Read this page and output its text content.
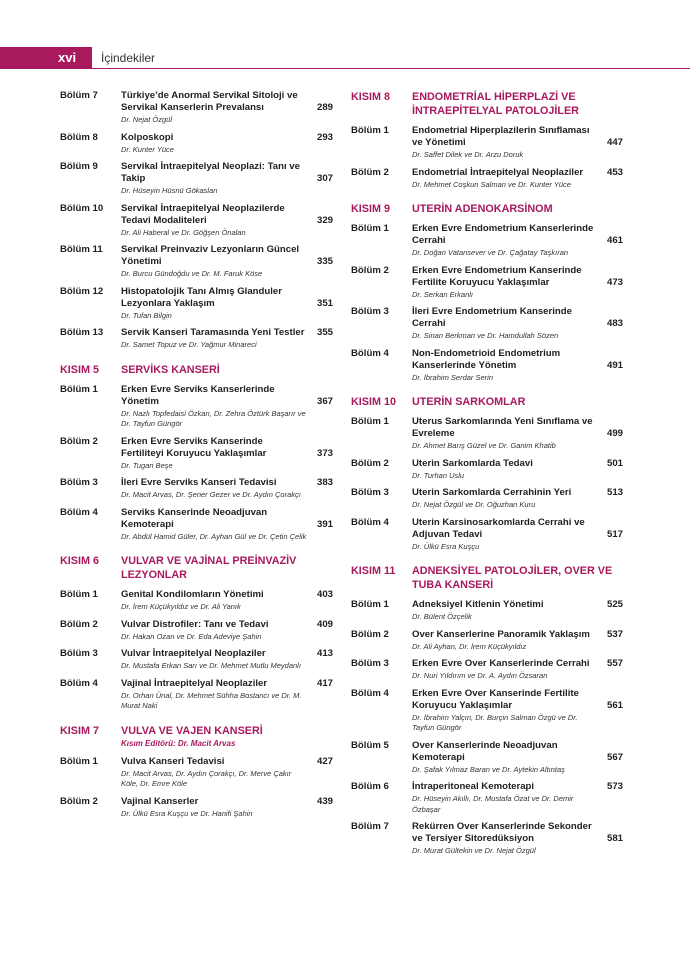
xvi	İçindekiler
Bölüm 7 Türkiye’de Anormal Servikal Sitoloji ve Servikal Kanserlerin Prevalansı
Dr. Nejat Özgül
289
Bölüm 8 Kolposkopi
Dr. Kunter Yüce
293
Bölüm 9 Servikal İntraepitelyal Neoplazi: Tanı ve Takip
Dr. Hüseyin Hüsnü Gökaslan
307
Bölüm 10 Servikal İntraepitelyal Neoplazilerde Tedavi Modaliteleri
Dr. Ali Haberal ve Dr. Göğşen Önalan
329
Bölüm 11 Servikal Preinvaziv Lezyonların Güncel Yönetimi
Dr. Burcu Gündoğdu ve Dr. M. Faruk Köse
335
Bölüm 12 Histopatolojik Tanı Almış Glanduler Lezyonlara Yaklaşım
Dr. Tufan Bilgin
351
Bölüm 13 Servik Kanseri Taramasında Yeni Testler
Dr. Samet Topuz ve Dr. Yağmur Minareci
355
KISIM 5 SERVİKS KANSERİ
Bölüm 1 Erken Evre Serviks Kanserlerinde Yönetim
Dr. Nazlı Topfedaisi Özkan, Dr. Zehra Öztürk Başarır ve Dr. Tayfun Güngör
367
Bölüm 2 Erken Evre Serviks Kanserinde Fertiliteyi Koruyucu Yaklaşımlar
Dr. Tugan Beşe
373
Bölüm 3 İleri Evre Serviks Kanseri Tedavisi
Dr. Macit Arvas, Dr. Şener Gezer ve Dr. Aydın Çorakçı
383
Bölüm 4 Serviks Kanserinde Neoadjuvan Kemoterapi
Dr. Abdül Hamid Güler, Dr. Ayhan Gül ve Dr. Çetin Çelik
391
KISIM 6 VULVAR VE VAJİNAL PREİNVAZİV LEZYONLAR
Bölüm 1 Genital Kondilomların Yönetimi
Dr. İrem Küçükyıldız ve Dr. Ali Yanık
403
Bölüm 2 Vulvar Distrofiler: Tanı ve Tedavi
Dr. Hakan Ozan ve Dr. Eda Adeviye Şahin
409
Bölüm 3 Vulvar İntraepitelyal Neoplaziler
Dr. Mustafa Erkan Sarı ve Dr. Mehmet Mutlu Meydanlı
413
Bölüm 4 Vajinal İntraepitelyal Neoplaziler
Dr. Orhan Ünal, Dr. Mehmet Sühha Bostancı ve Dr. M. Murat Naki
417
KISIM 7 VULVA VE VAJEN KANSERİ
Kısım Editörü: Dr. Macit Arvas
Bölüm 1 Vulva Kanseri Tedavisi
Dr. Macit Arvas, Dr. Aydın Çorakçı, Dr. Merve Çakır Köle, Dr. Emre Köle
427
Bölüm 2 Vajinal Kanserler
Dr. Ülkü Esra Kuşçu ve Dr. Hanifi Şahin
439
KISIM 8 ENDOMETRİAL HİPERPLAZİ VE İNTRAEPİTELYAL PATOLOJİLER
Bölüm 1 Endometrial Hiperplazilerin Sınıflaması ve Yönetimi
Dr. Saffet Dilek ve Dr. Arzu Doruk
447
Bölüm 2 Endometrial İntraepitelyal Neoplaziler
Dr. Mehmet Coşkun Salman ve Dr. Kunter Yüce
453
KISIM 9 UTERİN ADENOKARSİNOM
Bölüm 1 Erken Evre Endometrium Kanserlerinde Cerrahi
Dr. Doğan Vatansever ve Dr. Çağatay Taşkıran
461
Bölüm 2 Erken Evre Endometrium Kanserinde Fertilite Koruyucu Yaklaşımlar
Dr. Serkan Erkanlı
473
Bölüm 3 İleri Evre Endometrium Kanserinde Cerrahi
Dr. Sinan Berkman ve Dr. Hamdullah Sözen
483
Bölüm 4 Non-Endometrioid Endometrium Kanserlerinde Yönetim
Dr. İbrahim Serdar Serin
491
KISIM 10 UTERİN SARKOMLAR
Bölüm 1 Uterus Sarkomlarında Yeni Sınıflama ve Evreleme
Dr. Ahmet Barış Güzel ve Dr. Ganim Khatib
499
Bölüm 2 Uterin Sarkomlarda Tedavi
Dr. Turhan Uslu
501
Bölüm 3 Uterin Sarkomlarda Cerrahinin Yeri
Dr. Nejat Özgül ve Dr. Oğuzhan Kuru
513
Bölüm 4 Uterin Karsinosarkomlarda Cerrahi ve Adjuvan Tedavi
Dr. Ülkü Esra Kuşçu
517
KISIM 11 ADNEKSİYEL PATOLOJİLER, OVER VE TUBA KANSERİ
Bölüm 1 Adneksiyel Kitlenin Yönetimi
Dr. Bülent Özçelik
525
Bölüm 2 Over Kanserlerine Panoramik Yaklaşım
Dr. Ali Ayhan, Dr. İrem Küçükyıldız
537
Bölüm 3 Erken Evre Over Kanserlerinde Cerrahi
Dr. Nuri Yıldırım ve Dr. A. Aydın Özsaran
557
Bölüm 4 Erken Evre Over Kanserinde Fertilite Koruyucu Yaklaşımlar
Dr. İbrahim Yalçın, Dr. Burçin Salman Özgü ve Dr. Tayfun Güngör
561
Bölüm 5 Over Kanserlerinde Neoadjuvan Kemoterapi
Dr. Şafak Yılmaz Baran ve Dr. Aytekin Altıntaş
567
Bölüm 6 İntraperitoneal Kemoterapi
Dr. Hüseyin Akıllı, Dr. Mustafa Özat ve Dr. Demir Özbaşar
573
Bölüm 7 Rekürren Over Kanserlerinde Sekonder ve Tersiyer Sitoredüksiyon
Dr. Murat Gültekin ve Dr. Nejat Özgül
581
